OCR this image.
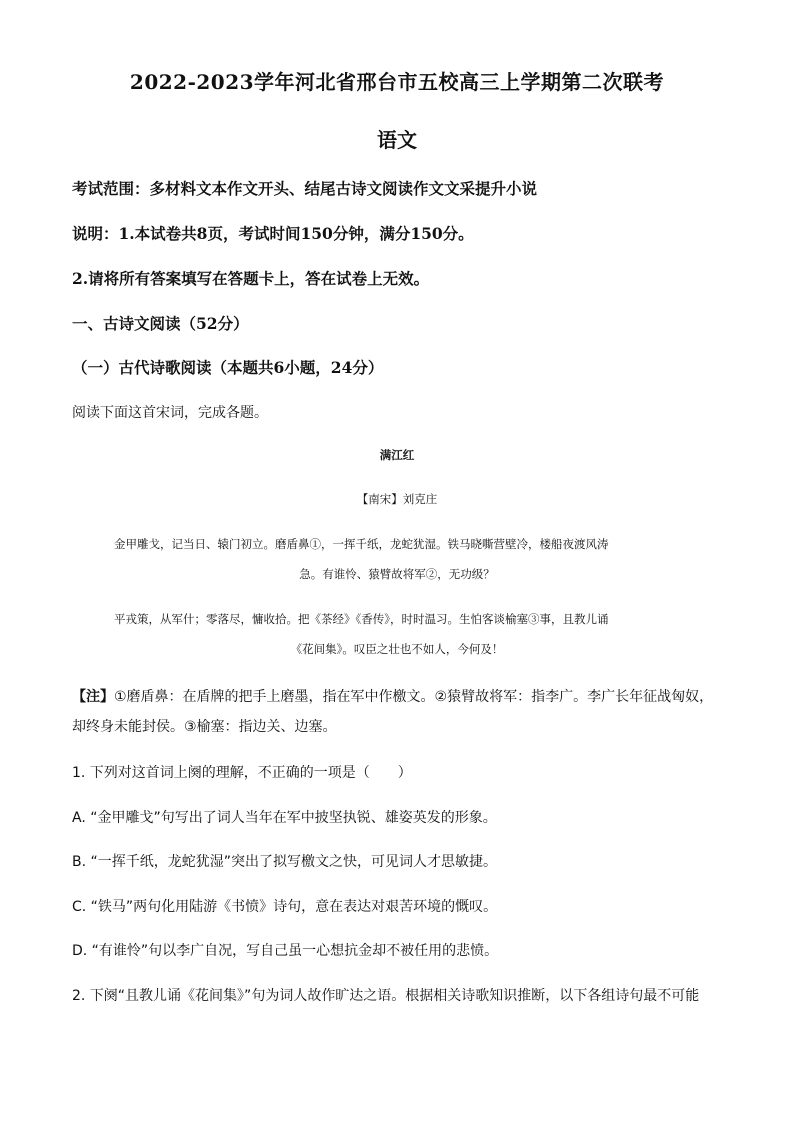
2022-2023学年河北省邢台市五校高三上学期第二次联考
语文
考试范围：多材料文本作文开头、结尾古诗文阅读作文文采提升小说
说明：1.本试卷共8页，考试时间150分钟，满分150分。
2.请将所有答案填写在答题卡上，答在试卷上无效。
一、古诗文阅读（52分）
（一）古代诗歌阅读（本题共6小题，24分）
阅读下面这首宋词，完成各题。
满江红
【南宋】刘克庄
金甲雕戈，记当日、辕门初立。磨盾鼻①，一挥千纸，龙蛇犹湿。铁马晓嘶营壁冷，楼船夜渡风涛
急。有谁怜、猿臂故将军②，无功级？
平戎策，从军什；零落尽，慵收拾。把《茶经》《香传》，时时温习。生怕客谈榆塞③事，且教儿诵
《花间集》。叹臣之壮也不如人，今何及！
【注】①磨盾鼻：在盾牌的把手上磨墨，指在军中作檄文。②猿臂故将军：指李广。李广长年征战匈奴，
却终身未能封侯。③榆塞：指边关、边塞。
1. 下列对这首词上阕的理解，不正确的一项是（　　）
A. “金甲雕戈”句写出了词人当年在军中披坚执锐、雄姿英发的形象。
B. “一挥千纸，龙蛇犹湿”突出了拟写檄文之快，可见词人才思敏捷。
C. “铁马”两句化用陆游《书愤》诗句，意在表达对艰苦环境的慨叹。
D. “有谁怜”句以李广自况，写自己虽一心想抗金却不被任用的悲愤。
2. 下阕“且教儿诵《花间集》”句为词人故作旷达之语。根据相关诗歌知识推断，以下各组诗句最不可能
